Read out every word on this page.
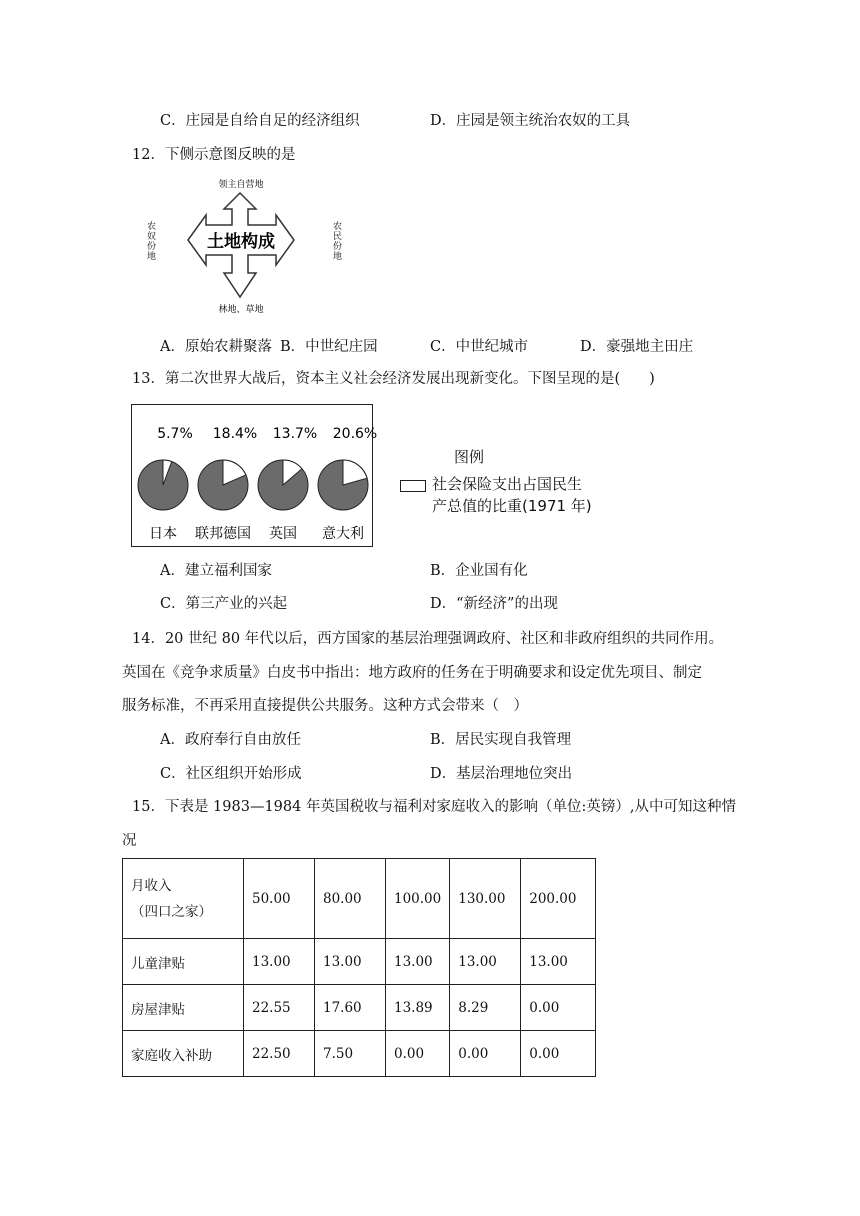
C．庄园是自给自足的经济组织	D．庄园是领主统治农奴的工具
12．下侧示意图反映的是
土地构成
领主自营地
林地、草地
农奴份地	农民份地
A．原始农耕聚落 B．中世纪庄园	C．中世纪城市	D．豪强地主田庄
13．第二次世界大战后，资本主义社会经济发展出现新变化。下图呈现的是(　　)
5.7%
日本
18.4%
联邦德国
13.7%
英国
20.6%
意大利
图例
社会保险支出占国民生
产总值的比重(1971 年)
A．建立福利国家	B．企业国有化
C．第三产业的兴起	D．“新经济”的出现
14．20 世纪 80 年代以后，西方国家的基层治理强调政府、社区和非政府组织的共同作用。
英国在《竞争求质量》白皮书中指出：地方政府的任务在于明确要求和设定优先项目、制定
服务标准，不再采用直接提供公共服务。这种方式会带来（　）
A．政府奉行自由放任	B．居民实现自我管理
C．社区组织开始形成	D．基层治理地位突出
15．下表是 1983—1984 年英国税收与福利对家庭收入的影响（单位:英镑）,从中可知这种情
况
月收入
（四口之家）	50.00	80.00	100.00	130.00	200.00
儿童津贴	13.00	13.00	13.00	13.00	13.00
房屋津贴	22.55	17.60	13.89	8.29	0.00
家庭收入补助	22.50	7.50	0.00	0.00	0.00
